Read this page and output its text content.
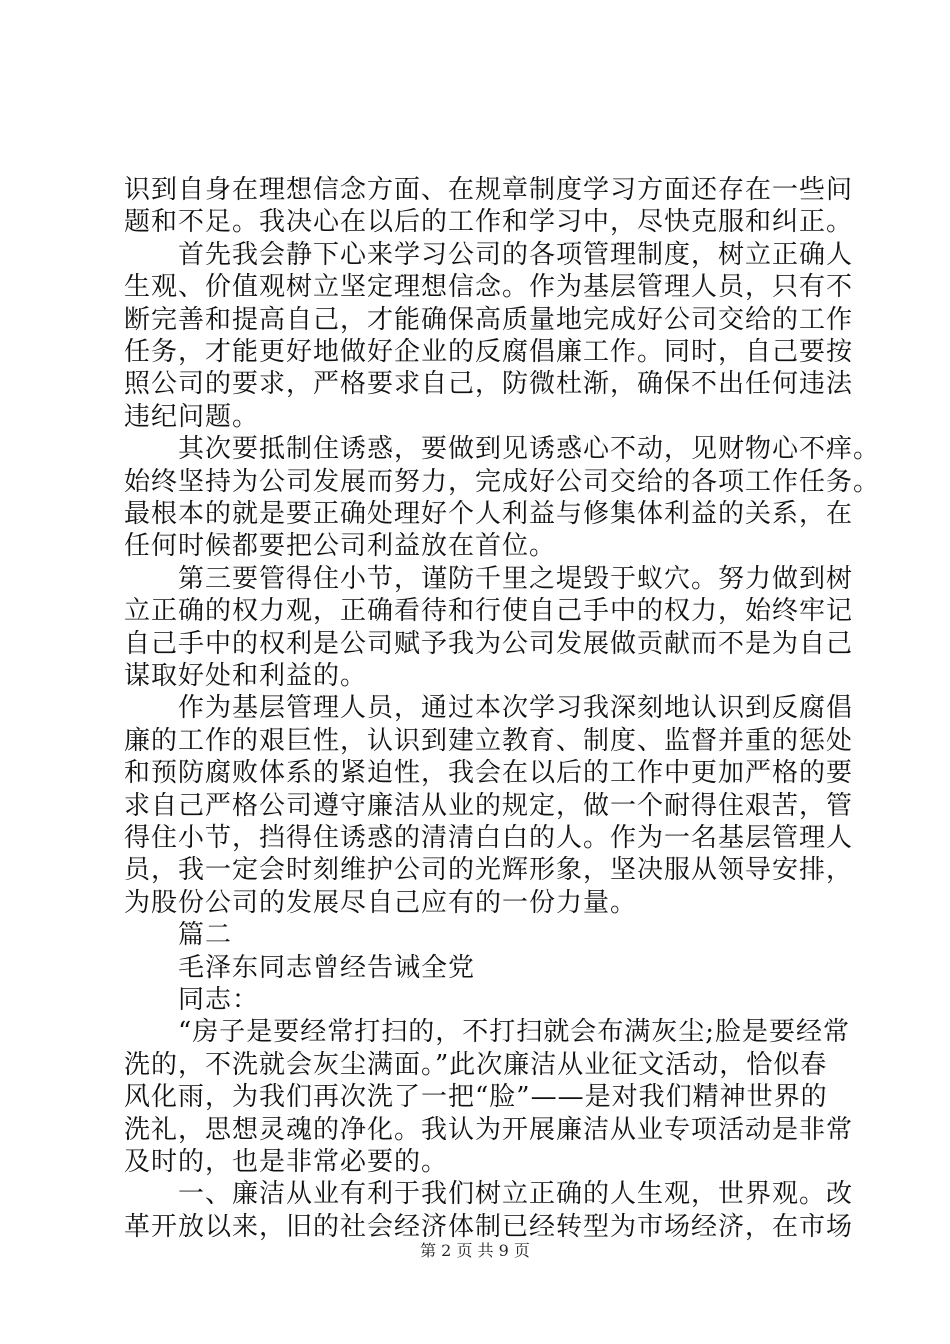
识到自身在理想信念方面、在规章制度学习方面还存在一些问
题和不足。我决心在以后的工作和学习中，尽快克服和纠正。
　　首先我会静下心来学习公司的各项管理制度，树立正确人
生观、价值观树立坚定理想信念。作为基层管理人员，只有不
断完善和提高自己，才能确保高质量地完成好公司交给的工作
任务，才能更好地做好企业的反腐倡廉工作。同时，自己要按
照公司的要求，严格要求自己，防微杜渐，确保不出任何违法
违纪问题。
　　其次要抵制住诱惑，要做到见诱惑心不动，见财物心不痒。
始终坚持为公司发展而努力，完成好公司交给的各项工作任务。
最根本的就是要正确处理好个人利益与修集体利益的关系，在
任何时候都要把公司利益放在首位。
　　第三要管得住小节，谨防千里之堤毁于蚁穴。努力做到树
立正确的权力观，正确看待和行使自己手中的权力，始终牢记
自己手中的权利是公司赋予我为公司发展做贡献而不是为自己
谋取好处和利益的。
　　作为基层管理人员，通过本次学习我深刻地认识到反腐倡
廉的工作的艰巨性，认识到建立教育、制度、监督并重的惩处
和预防腐败体系的紧迫性，我会在以后的工作中更加严格的要
求自己严格公司遵守廉洁从业的规定，做一个耐得住艰苦，管
得住小节，挡得住诱惑的清清白白的人。作为一名基层管理人
员，我一定会时刻维护公司的光辉形象，坚决服从领导安排，
为股份公司的发展尽自己应有的一份力量。
　　篇二
　　毛泽东同志曾经告诫全党
　　同志：
　　“房子是要经常打扫的，不打扫就会布满灰尘;脸是要经常
洗的，不洗就会灰尘满面。”此次廉洁从业征文活动，恰似春
风化雨，为我们再次洗了一把“脸”——是对我们精神世界的
洗礼，思想灵魂的净化。我认为开展廉洁从业专项活动是非常
及时的，也是非常必要的。
　　一、廉洁从业有利于我们树立正确的人生观，世界观。改
革开放以来，旧的社会经济体制已经转型为市场经济，在市场
第 2 页 共 9 页
